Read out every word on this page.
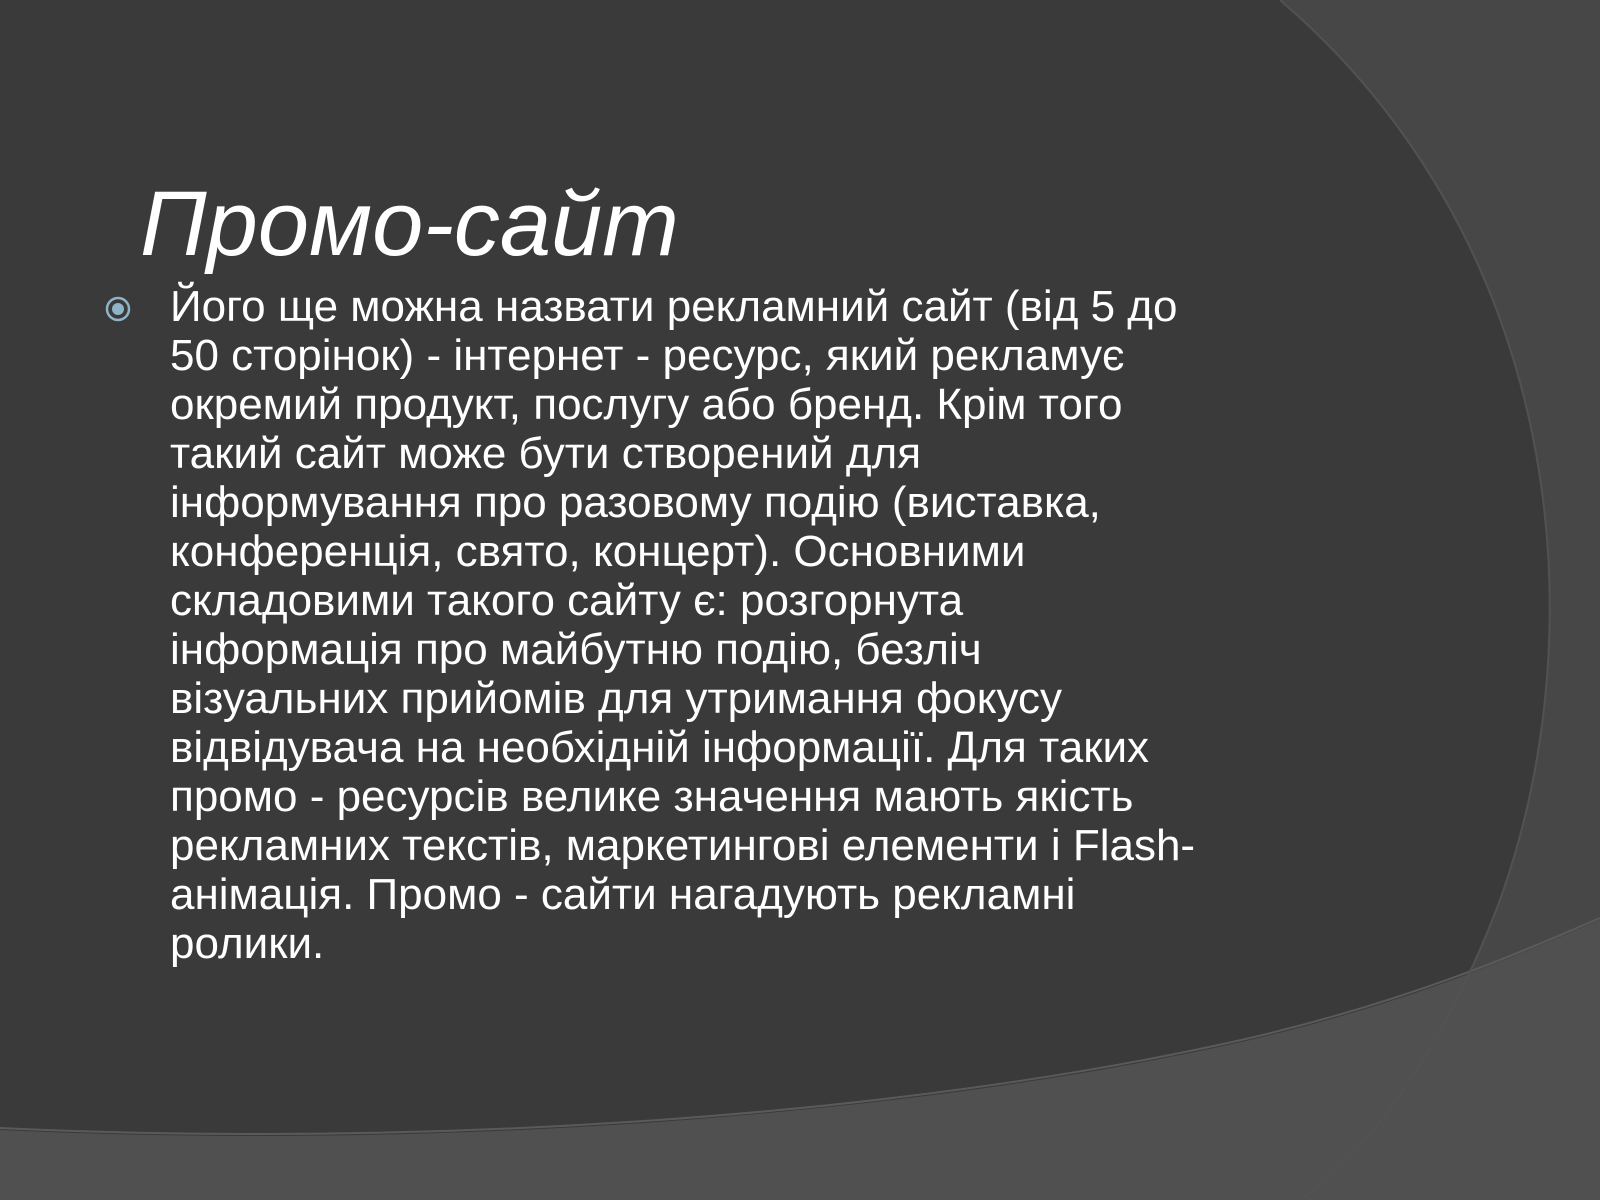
Промо-сайт
Його ще можна назвати рекламний сайт (від 5 до
50 сторінок) - інтернет - ресурс, який рекламує
окремий продукт, послугу або бренд. Крім того
такий сайт може бути створений для
інформування про разовому подію (виставка,
конференція, свято, концерт). Основними
складовими такого сайту є: розгорнута
інформація про майбутню подію, безліч
візуальних прийомів для утримання фокусу
відвідувача на необхідній інформації. Для таких
промо - ресурсів велике значення мають якість
рекламних текстів, маркетингові елементи і Flash-
анімація. Промо - сайти нагадують рекламні
ролики.
